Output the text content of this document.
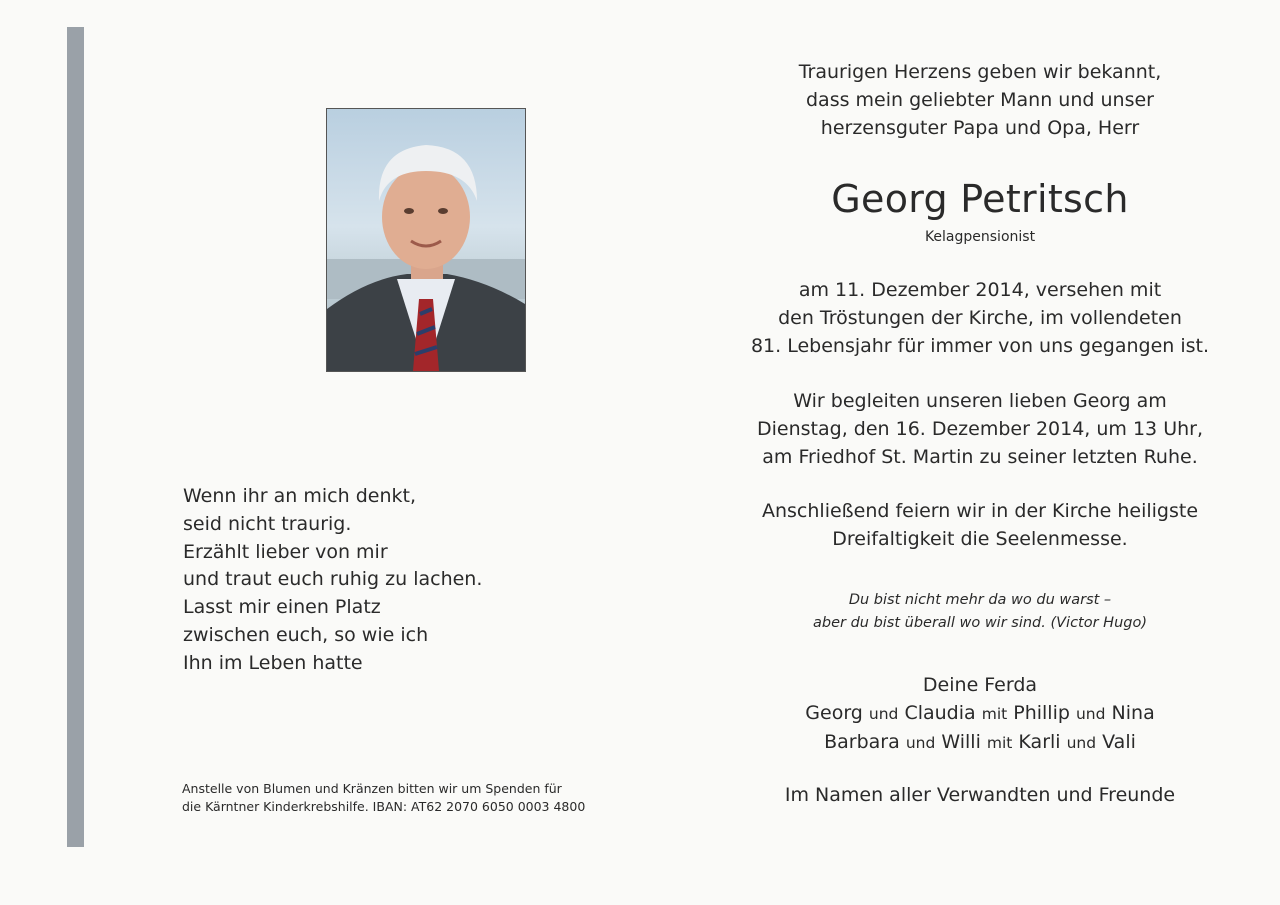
Wenn ihr an mich denkt,
seid nicht traurig.
Erzählt lieber von mir
und traut euch ruhig zu lachen.
Lasst mir einen Platz
zwischen euch, so wie ich
Ihn im Leben hatte
Anstelle von Blumen und Kränzen bitten wir um Spenden für
die Kärntner Kinderkrebshilfe. IBAN: AT62 2070 6050 0003 4800
Traurigen Herzens geben wir bekannt,
dass mein geliebter Mann und unser
herzensguter Papa und Opa, Herr
Georg Petritsch
Kelagpensionist
am 11. Dezember 2014, versehen mit
den Tröstungen der Kirche, im vollendeten
81. Lebensjahr für immer von uns gegangen ist.
Wir begleiten unseren lieben Georg am
Dienstag, den 16. Dezember 2014, um 13 Uhr,
am Friedhof St. Martin zu seiner letzten Ruhe.
Anschließend feiern wir in der Kirche heiligste
Dreifaltigkeit die Seelenmesse.
Du bist nicht mehr da wo du warst –
aber du bist überall wo wir sind. (Victor Hugo)
Deine Ferda
Georg und Claudia mit Phillip und Nina
Barbara und Willi mit Karli und Vali
Im Namen aller Verwandten und Freunde
